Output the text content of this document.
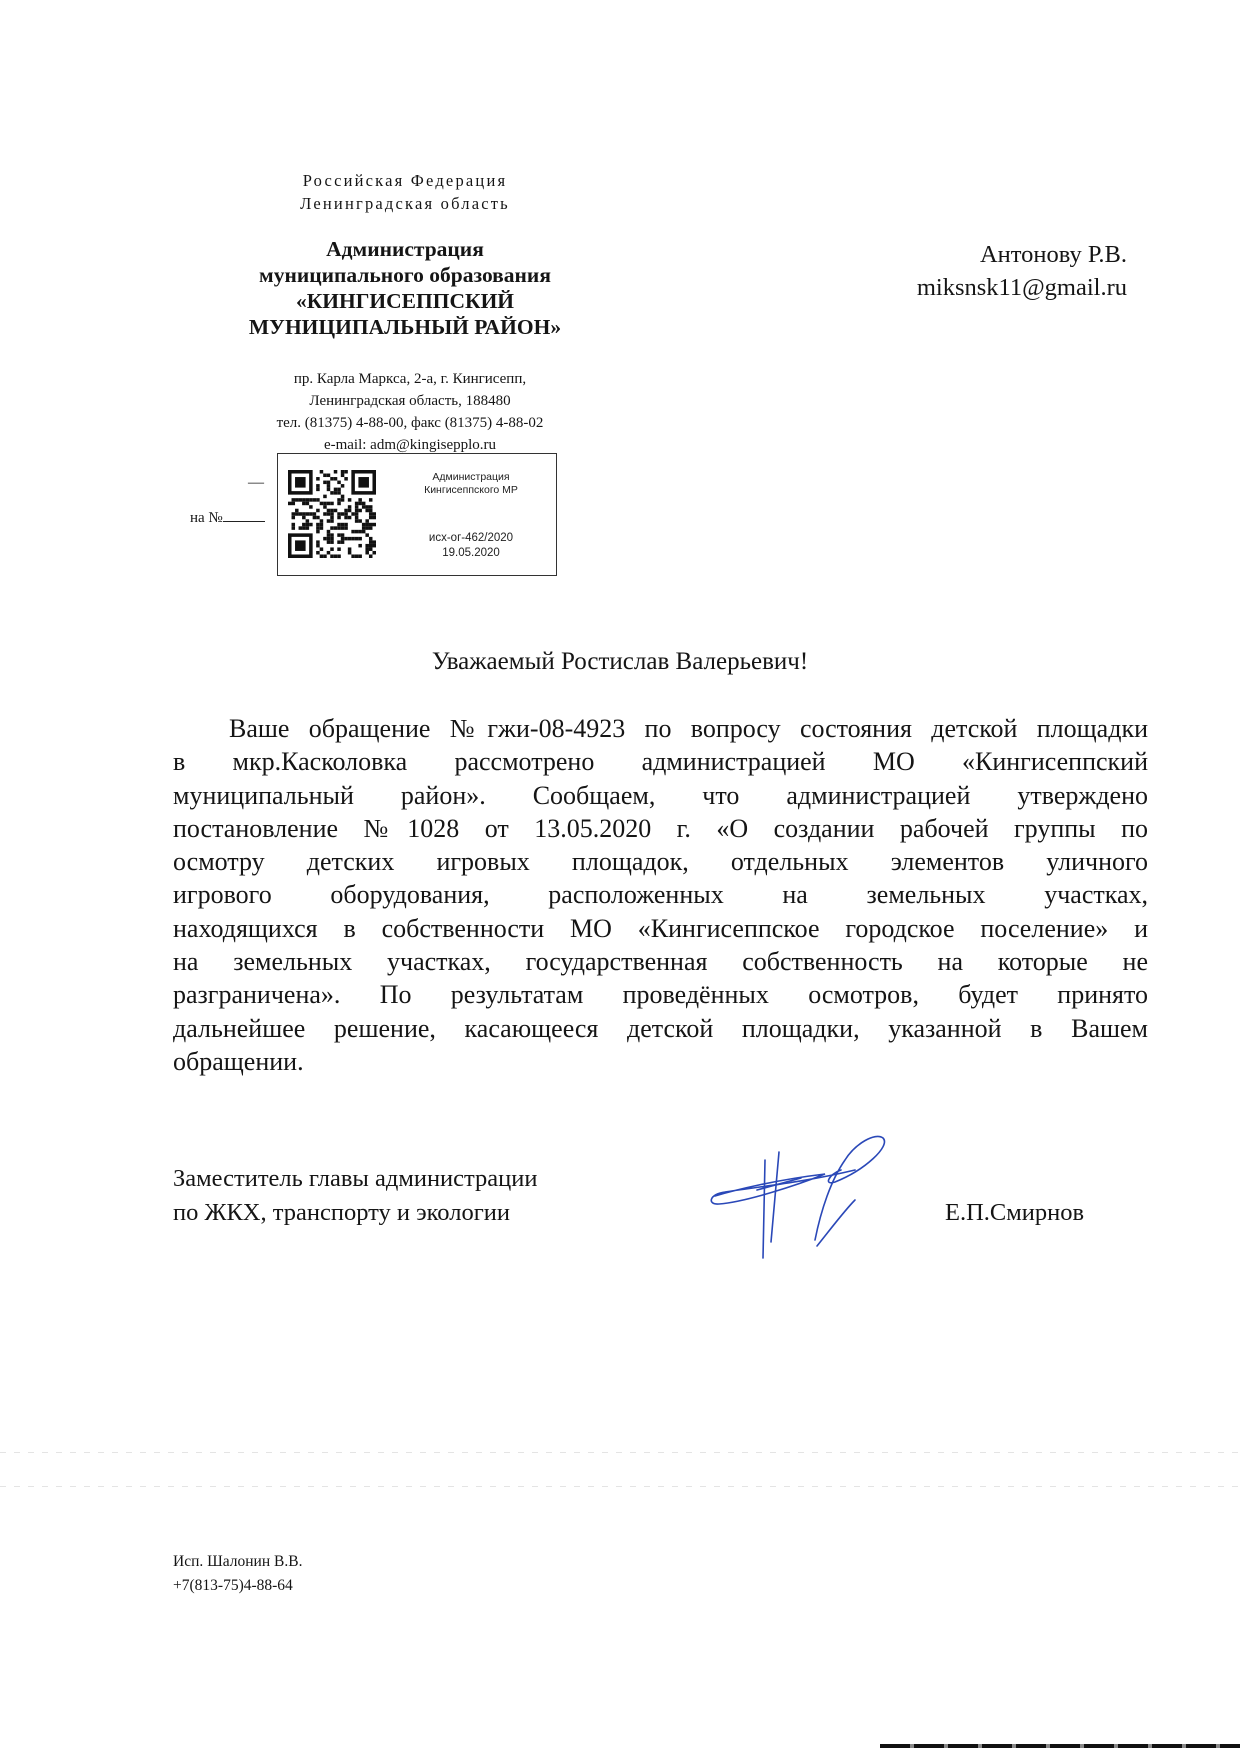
Российская Федерация
Ленинградская область
Администрация
муниципального образования
«КИНГИСЕППСКИЙ
МУНИЦИПАЛЬНЫЙ РАЙОН»
пр. Карла Маркса, 2-а, г. Кингисепп,
Ленинградская область, 188480
тел. (81375) 4-88-00, факс (81375) 4-88-02
e-mail: adm@kingisepplo.ru
—
на №
Администрация
Кингисеппского МР
исх-ог-462/2020
19.05.2020
Антонову Р.В.
miksnsk11@gmail.ru
Уважаемый Ростислав Валерьевич!
Ваше обращение №гжи-08-4923 по вопросу состояния детской площадки
в мкр.Касколовка рассмотрено администрацией МО «Кингисеппский
муниципальный район». Сообщаем, что администрацией утверждено
постановление №1028 от 13.05.2020 г. «О создании рабочей группы по
осмотру детских игровых площадок, отдельных элементов уличного
игрового оборудования, расположенных на земельных участках,
находящихся в собственности МО «Кингисеппское городское поселение» и
на земельных участках, государственная собственность на которые не
разграничена». По результатам проведённых осмотров, будет принято
дальнейшее решение, касающееся детской площадки, указанной в Вашем
обращении.
Заместитель главы администрации
по ЖКХ, транспорту и экологии	Е.П.Смирнов
Исп. Шалонин В.В.
+7(813-75)4-88-64
